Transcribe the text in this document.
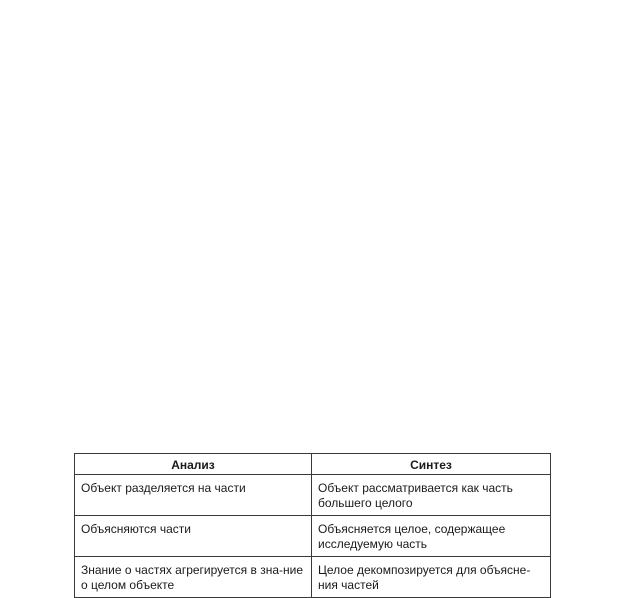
Анализ	Синтез
Объект разделяется на части	Объект рассматривается как часть большего целого
Объясняются части	Объясняется целое, содержащее исследуемую часть
Знание о частях агрегируется в зна-ние о целом объекте	Целое декомпозируется для объясне-ния частей
